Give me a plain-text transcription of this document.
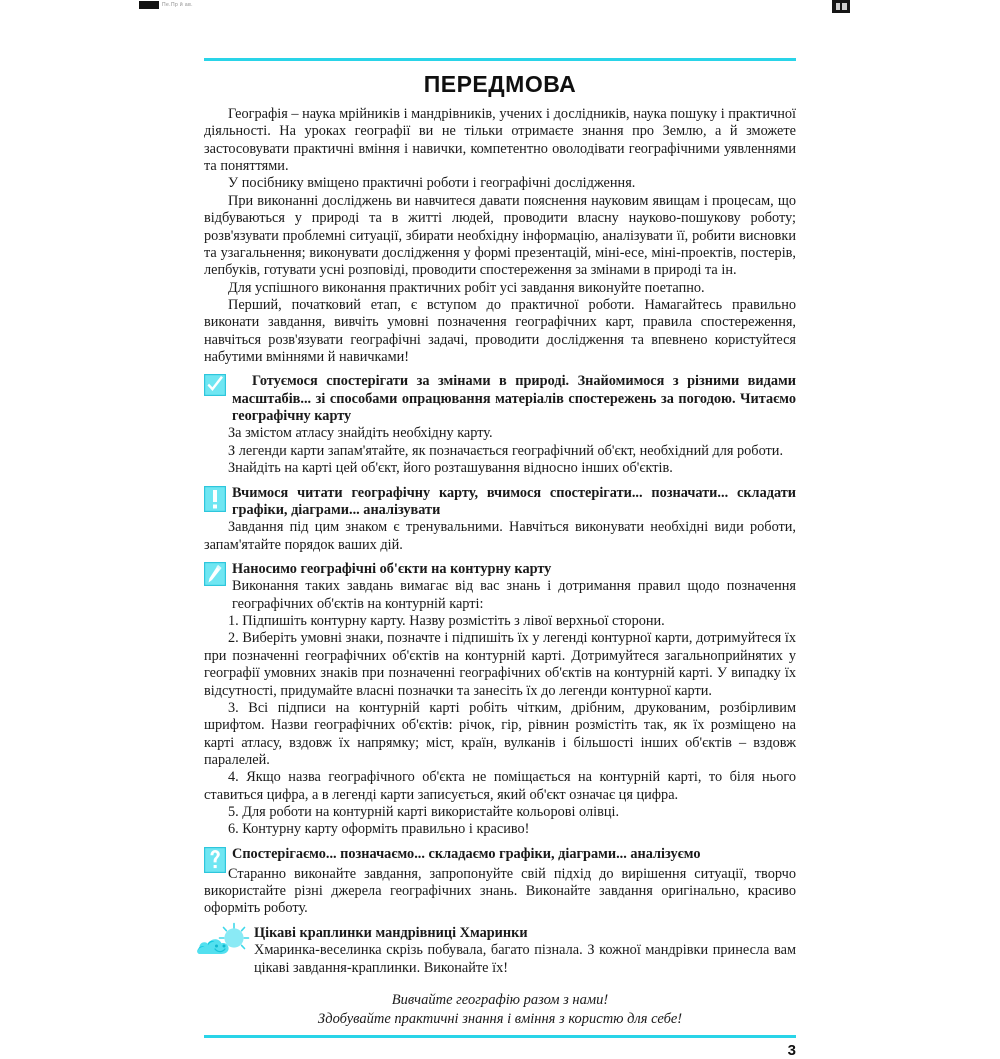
Пе.Пр й ав.
ПЕРЕДМОВА

Географія – наука мрійників і мандрівників, учених і дослідників, наука пошуку і практичної діяльності. На уроках географії ви не тільки отримаєте знання про Землю, а й зможете застосовувати практичні вміння і навички, компетентно оволодівати географічними уявленнями та поняттями.

У посібнику вміщено практичні роботи і географічні дослідження.

При виконанні досліджень ви навчитеся давати пояснення науковим явищам і процесам, що відбуваються у природі та в житті людей, проводити власну науково-пошукову роботу; розв'язувати проблемні ситуації, збирати необхідну інформацію, аналізувати її, робити висновки та узагальнення; виконувати дослідження у формі презентацій, міні-есе, міні-проектів, постерів, лепбуків, готувати усні розповіді, проводити спостереження за змінами в природі та ін.

Для успішного виконання практичних робіт усі завдання виконуйте поетапно.

Перший, початковий етап, є вступом до практичної роботи. Намагайтесь правильно виконати завдання, вивчіть умовні позначення географічних карт, правила спостереження, навчіться розв'язувати географічні задачі, проводити дослідження та впевнено користуйтеся набутими вміннями й навичками!

Готуємося спостерігати за змінами в природі. Знайомимося з різними видами масштабів... зі способами опрацювання матеріалів спостережень за погодою. Читаємо географічну карту

За змістом атласу знайдіть необхідну карту.

З легенди карти запам'ятайте, як позначається географічний об'єкт, необхідний для роботи.

Знайдіть на карті цей об'єкт, його розташування відносно інших об'єктів.

Вчимося читати географічну карту, вчимося спостерігати... позначати... складати графіки, діаграми... аналізувати

Завдання під цим знаком є тренувальними. Навчіться виконувати необхідні види роботи, запам'ятайте порядок ваших дій.

Наносимо географічні об'єкти на контурну карту

Виконання таких завдань вимагає від вас знань і дотримання правил щодо позначення географічних об'єктів на контурній карті:

1. Підпишіть контурну карту. Назву розмістіть з лівої верхньої сторони.

2. Виберіть умовні знаки, позначте і підпишіть їх у легенді контурної карти, дотримуйтеся їх при позначенні географічних об'єктів на контурній карті. Дотримуйтеся загальноприйнятих у географії умовних знаків при позначенні географічних об'єктів на контурній карті. У випадку їх відсутності, придумайте власні позначки та занесіть їх до легенди контурної карти.

3. Всі підписи на контурній карті робіть чітким, дрібним, друкованим, розбірливим шрифтом. Назви географічних об'єктів: річок, гір, рівнин розмістіть так, як їх розміщено на карті атласу, вздовж їх напрямку; міст, країн, вулканів і більшості інших об'єктів – вздовж паралелей.

4. Якщо назва географічного об'єкта не поміщається на контурній карті, то біля нього ставиться цифра, а в легенді карти записується, який об'єкт означає ця цифра.

5. Для роботи на контурній карті використайте кольорові олівці.

6. Контурну карту оформіть правильно і красиво!

Спостерігаємо... позначаємо... складаємо графіки, діаграми... аналізуємо

Старанно виконайте завдання, запропонуйте свій підхід до вирішення ситуації, творчо використайте різні джерела географічних знань. Виконайте завдання оригінально, красиво оформіть роботу.

Цікаві краплинки мандрівниці Хмаринки

Хмаринка-веселинка скрізь побувала, багато пізнала. З кожної мандрівки принесла вам цікаві завдання-краплинки. Виконайте їх!

Вивчайте географію разом з нами!
Здобувайте практичні знання і вміння з користю для себе!
3
